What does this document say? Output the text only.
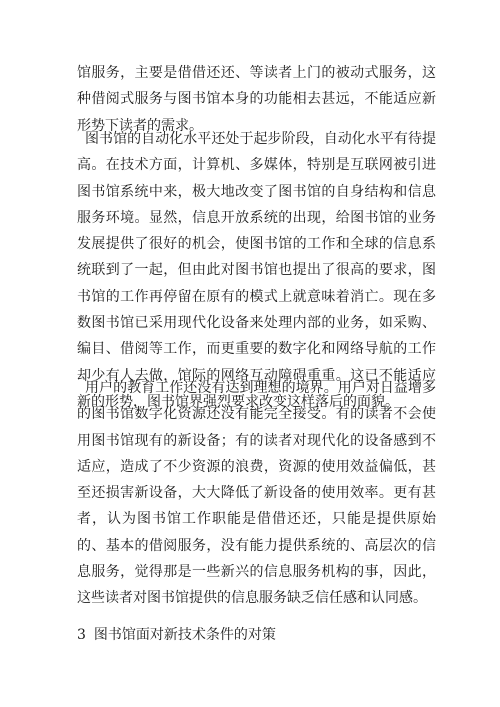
馆服务，主要是借借还还、等读者上门的被动式服务，这种借阅式服务与图书馆本身的功能相去甚远，不能适应新形势下读者的需求。

图书馆的自动化水平还处于起步阶段，自动化水平有待提高。在技术方面，计算机、多媒体，特别是互联网被引进图书馆系统中来，极大地改变了图书馆的自身结构和信息服务环境。显然，信息开放系统的出现，给图书馆的业务发展提供了很好的机会，使图书馆的工作和全球的信息系统联到了一起，但由此对图书馆也提出了很高的要求，图书馆的工作再停留在原有的模式上就意味着消亡。现在多数图书馆已采用现代化设备来处理内部的业务，如采购、编目、借阅等工作，而更重要的数字化和网络导航的工作却少有人去做，馆际的网络互动障碍重重。这已不能适应新的形势，图书馆界强烈要求改变这样落后的面貌。

用户的教育工作还没有达到理想的境界。用户对日益增多的图书馆数字化资源还没有能完全接受。有的读者不会使用图书馆现有的新设备；有的读者对现代化的设备感到不适应，造成了不少资源的浪费，资源的使用效益偏低，甚至还损害新设备，大大降低了新设备的使用效率。更有甚者，认为图书馆工作职能是借借还还，只能是提供原始的、基本的借阅服务，没有能力提供系统的、高层次的信息服务，觉得那是一些新兴的信息服务机构的事，因此，这些读者对图书馆提供的信息服务缺乏信任感和认同感。

3 图书馆面对新技术条件的对策
